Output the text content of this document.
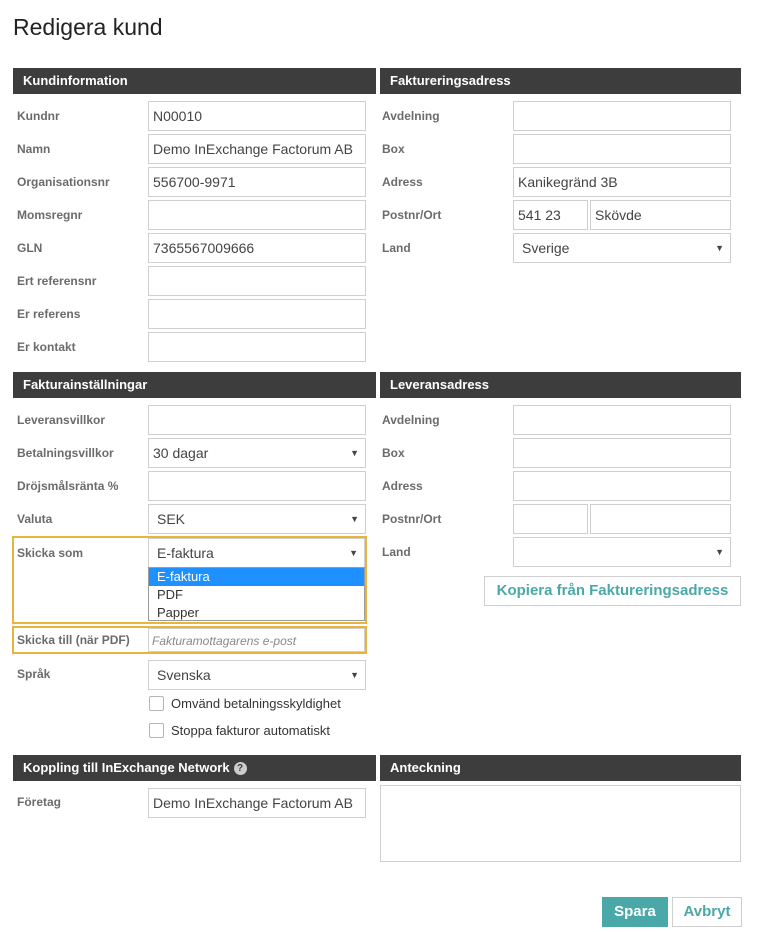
Redigera kund
Kundinformation
Kundnr	N00010
Namn	Demo InExchange Factorum AB
Organisationsnr	556700-9971
Momsregnr
GLN	7365567009666
Ert referensnr
Er referens
Er kontakt
Faktureringsadress
Avdelning
Box
Adress	Kanikegränd 3B
Postnr/Ort	541 23	Skövde
Land	Sverige	▼
Fakturainställningar
Leveransvillkor
Betalningsvillkor	30 dagar	▼
Dröjsmålsränta %
Valuta	SEK	▼
Skicka som	E-faktura	▼
E-faktura
PDF
Papper
Skicka till (när PDF)	Fakturamottagarens e-post
Språk	Svenska	▼
Omvänd betalningsskyldighet
Stoppa fakturor automatiskt
Leveransadress
Avdelning
Box
Adress
Postnr/Ort
Land	▼
Kopiera från Faktureringsadress
Koppling till InExchange Network ?
Företag	Demo InExchange Factorum AB
Anteckning
Spara	Avbryt
